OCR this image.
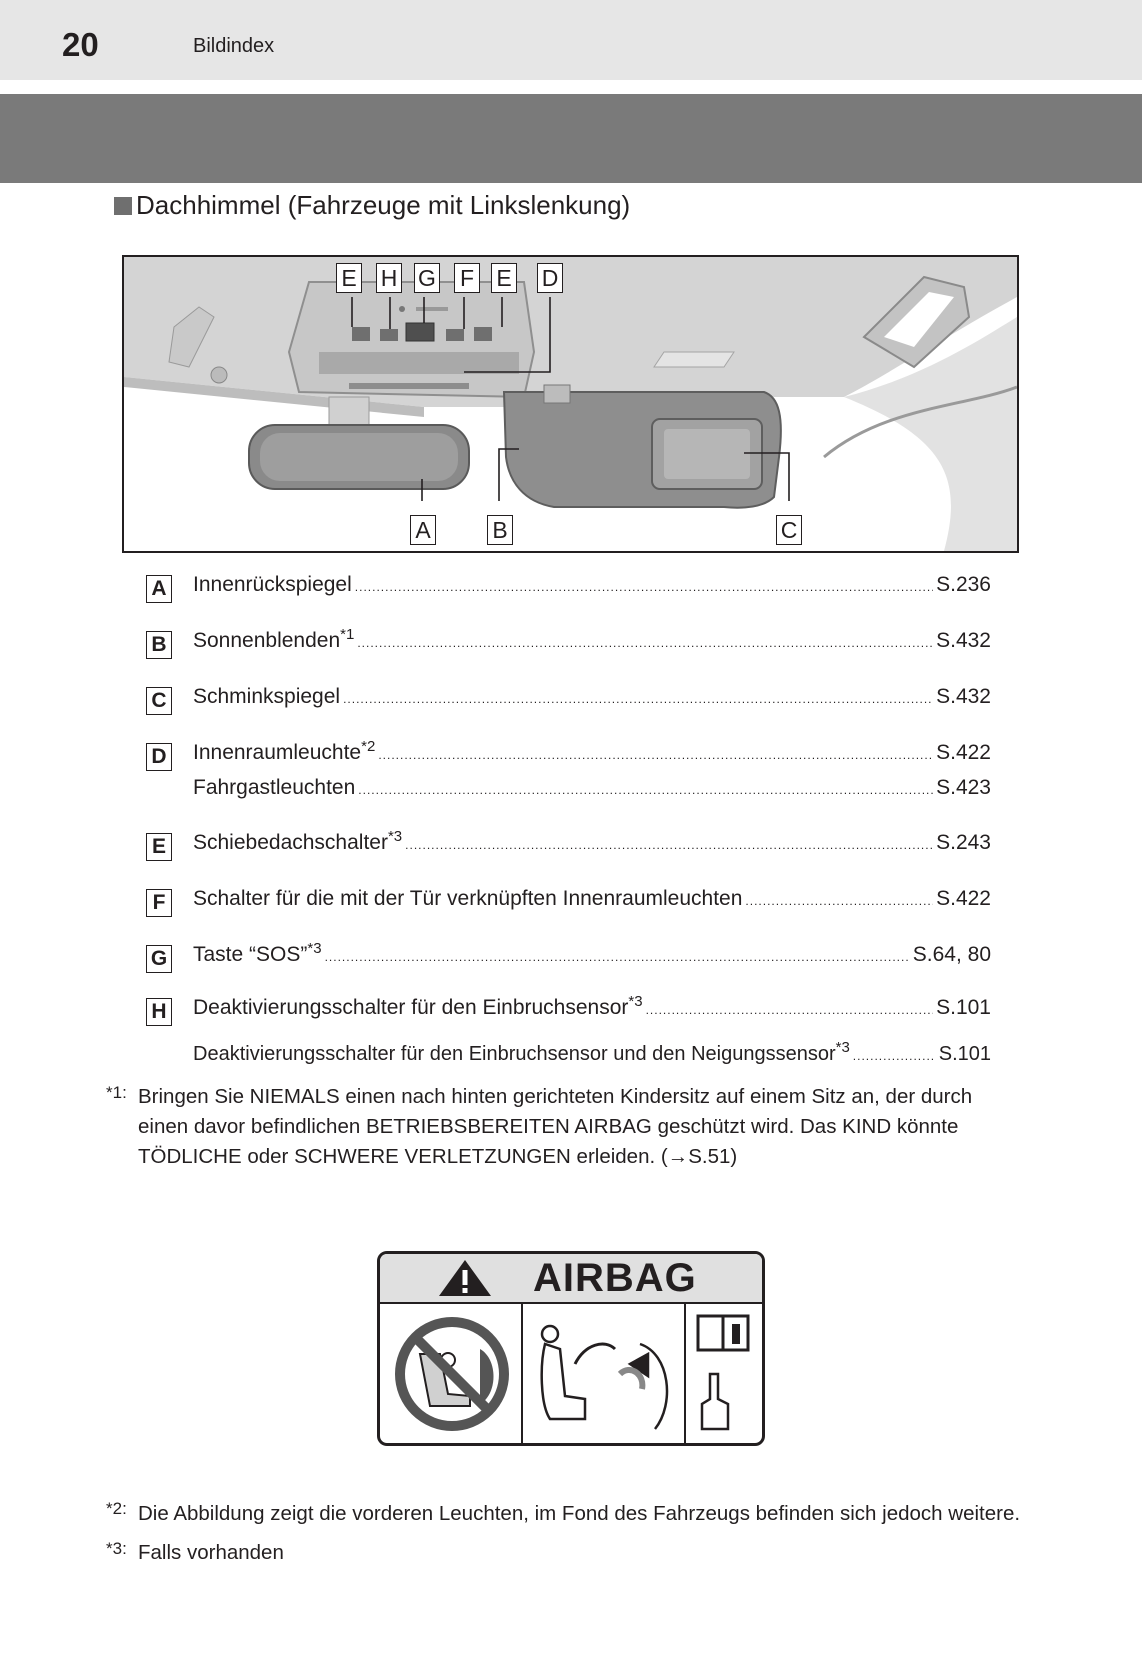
20	Bildindex
Dachhimmel (Fahrzeuge mit Linkslenkung)
E H G F E D
A	B	C
A Innenrückspiegel .....	S.236
B Sonnenblenden$^{*1}$ .....	S.432
C Schminkspiegel .....	S.432
D Innenraumleuchte$^{*2}$ .....	S.422
Fahrgastleuchten .....	S.423
E Schiebedachschalter$^{*3}$ .....	S.243
F	Schalter für die mit der Tür verknüpften Innenraumleuchten .....	S.422
G Taste “SOS”$^{*3}$ .....	S.64, 80
H Deaktivierungsschalter für den Einbruchsensor$^{*3}$ .....	S.101
Deaktivierungsschalter für den Einbruchsensor und den Neigungssensor$^{*3}$ .....	S.101
*1: Bringen Sie NIEMALS einen nach hinten gerichteten Kindersitz auf einem Sitz an, der durch
einen davor befindlichen BETRIEBSBEREITEN AIRBAG geschützt wird. Das KIND könnte
TÖDLICHE oder SCHWERE VERLETZUNGEN erleiden. (→S.51)
AIRBAG
*2: Die Abbildung zeigt die vorderen Leuchten, im Fond des Fahrzeugs befinden sich jedoch weitere.
*3: Falls vorhanden
